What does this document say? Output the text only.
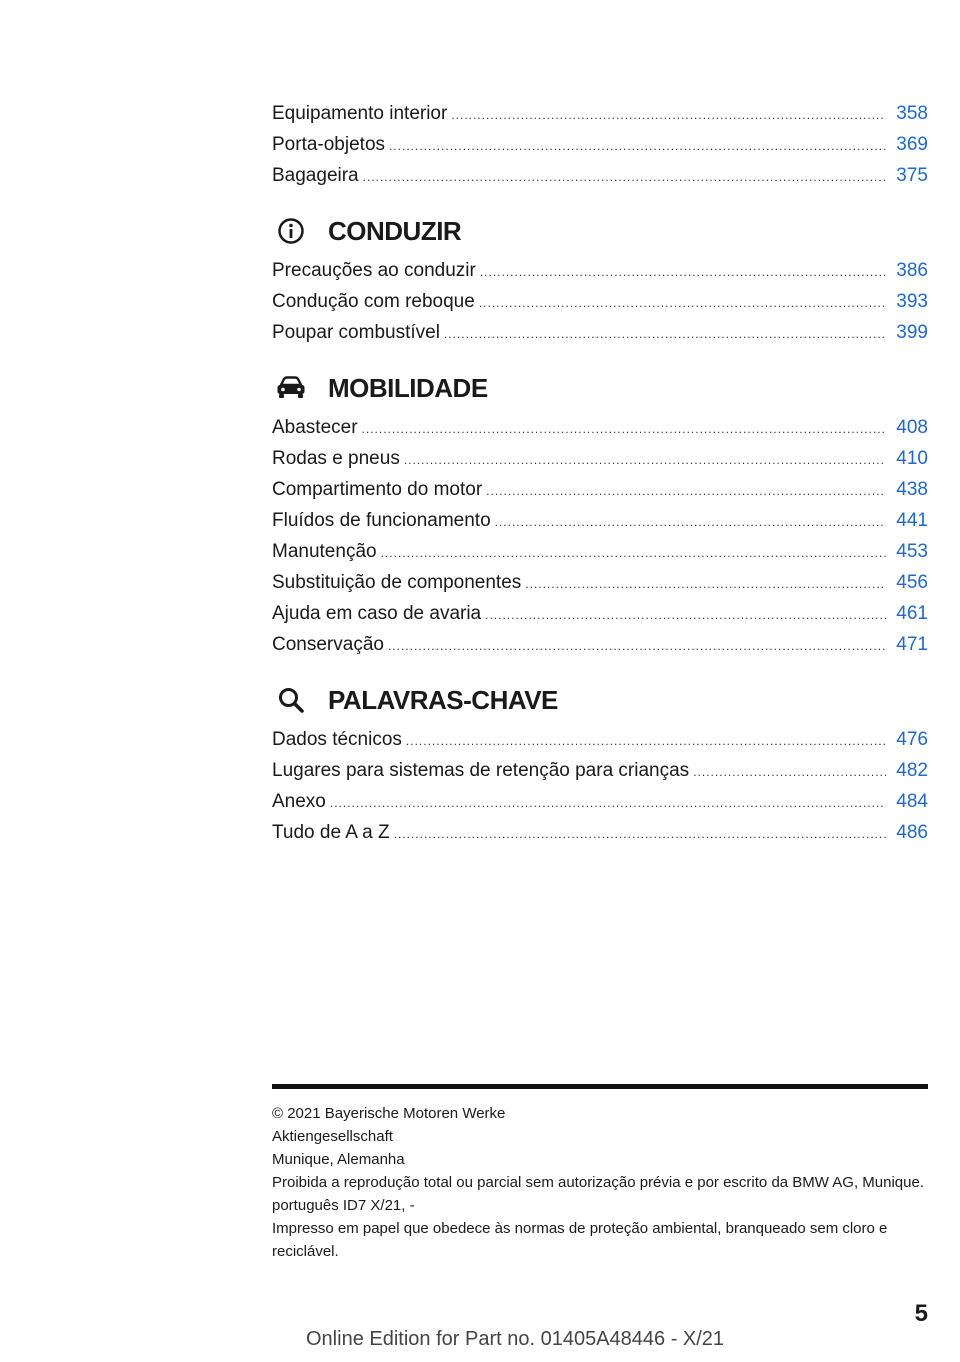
Equipamento interior .....	358
Porta-objetos .....	369
Bagageira .....	375
CONDUZIR
Precauções ao conduzir .....	386
Condução com reboque .....	393
Poupar combustível .....	399
MOBILIDADE
Abastecer .....	408
Rodas e pneus .....	410
Compartimento do motor .....	438
Fluídos de funcionamento .....	441
Manutenção .....	453
Substituição de componentes .....	456
Ajuda em caso de avaria .....	461
Conservação .....	471
PALAVRAS-CHAVE
Dados técnicos .....	476
Lugares para sistemas de retenção para crianças .....	482
Anexo .....	484
Tudo de A a Z .....	486
© 2021 Bayerische Motoren Werke
Aktiengesellschaft
Munique, Alemanha
Proibida a reprodução total ou parcial sem autorização prévia e por escrito da BMW AG, Munique.
português ID7 X/21, -
Impresso em papel que obedece às normas de proteção ambiental, branqueado sem cloro e reciclável.
5
Online Edition for Part no. 01405A48446 - X/21
